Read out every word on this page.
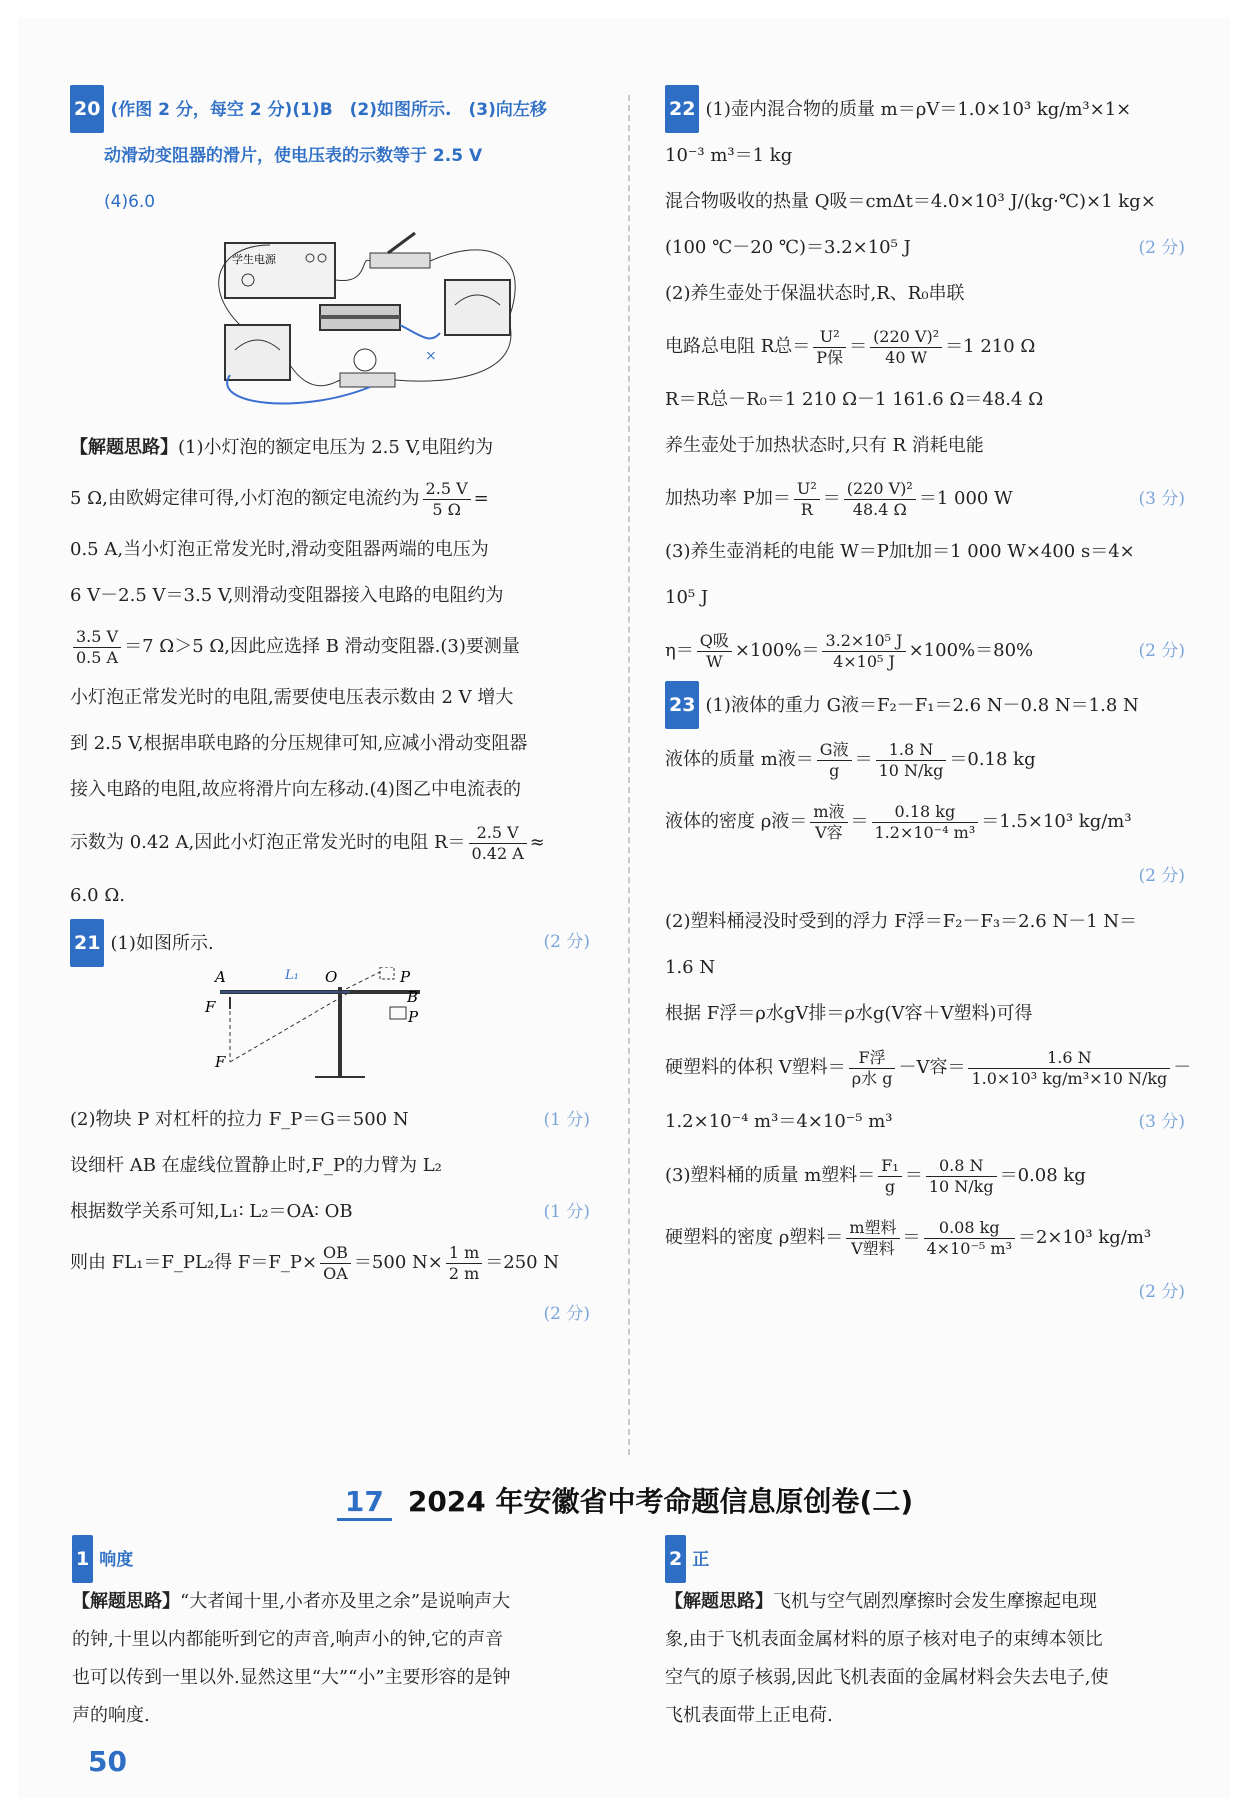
20 (作图 2 分，每空 2 分)(1)B　(2)如图所示.　(3)向左移
动滑动变阻器的滑片，使电压表的示数等于 2.5 V
(4)6.0
学生电源
×
【解题思路】(1)小灯泡的额定电压为 2.5 V,电阻约为
5 Ω,由欧姆定律可得,小灯泡的额定电流约为 $\frac{2.5 V}{5 \Omega}$ =
0.5 A,当小灯泡正常发光时,滑动变阻器两端的电压为
6 V－2.5 V＝3.5 V,则滑动变阻器接入电路的电阻约为
$\frac{3.5 V}{0.5 A} =7$ Ω＞5 Ω,因此应选择 B 滑动变阻器.(3)要测量
小灯泡正常发光时的电阻,需要使电压表示数由 2 V 增大
到 2.5 V,根据串联电路的分压规律可知,应减小滑动变阻器
接入电路的电阻,故应将滑片向左移动.(4)图乙中电流表的
示数为 0.42 A,因此小灯泡正常发光时的电阻 $R= \frac{2.5 V}{0.42 A}$ ≈
6.0 Ω.
21 (1)如图所示.	(2 分)
A	O
L₁	P
B
P
F
F
(2)物块 P 对杠杆的拉力 F_P＝G＝500 N	(1 分)
设细杆 AB 在虚线位置静止时,F_P的力臂为 L₂
根据数学关系可知,L₁∶ L₂＝OA∶ OB	(1 分)
则由 FL₁＝F_PL₂得 F＝F_P× $\frac{OB}{OA} =500$ $N\times \frac{1 m}{2 m} =250$ N
(2 分)

22 (1)壶内混合物的质量 m＝ρV＝1.0×10³ kg/m³×1×
10⁻³ m³＝1 kg
混合物吸收的热量 Q吸＝cmΔt＝4.0×10³ J/(kg·℃)×1 kg×
(100 ℃－20 ℃)＝3.2×10⁵ J	(2 分)
(2)养生壶处于保温状态时,R、R₀串联
电路总电阻 R总＝ $\frac{\text{U²}}{\text{P保}} = \frac{\text{(220 V)²}}{40 W} =1$ 210 Ω
R＝R总－R₀＝1 210 Ω－1 161.6 Ω＝48.4 Ω
养生壶处于加热状态时,只有 R 消耗电能
加热功率 P加＝ $\frac{\text{U²}}{R} = \frac{\text{(220 V)²}}{48.4 \Omega} =1$ 000 W	(3 分)
(3)养生壶消耗的电能 W＝P加t加＝1 000 W×400 s＝4×
10⁵ J
$\eta= \frac{\text{Q吸}}{W} \times 100\%= \frac{\text{3.2×10⁵ J}}{\text{4×10⁵ J}} \times 100\%=80\%$	(2 分)
23 (1)液体的重力 G液＝F₂－F₁＝2.6 N－0.8 N＝1.8 N
液体的质量 m液＝ $\frac{\text{G液}}{g} = \frac{1.8 N}{10 N/kg} =0.18$ kg
液体的密度 ρ液＝ $\frac{\text{m液}}{\text{V容}} = \frac{0.18 kg}{\text{1.2×10⁻⁴ m³}} =1.5\times 10^3$ kg/m³
(2 分)

(2)塑料桶浸没时受到的浮力 F浮＝F₂－F₃＝2.6 N－1 N＝
1.6 N
根据 F浮＝ρ水gV排＝ρ水g(V容＋V塑料)可得
硬塑料的体积 V塑料＝ $\frac{\text{F浮}}{\text{ρ水 g}} -V$容＝ $\frac{1.6 N}{\text{1.0×10³ kg/m³×10 N/kg}}$ －
1.2×10⁻⁴ m³＝4×10⁻⁵ m³	(3 分)
(3)塑料桶的质量 m塑料＝ $\frac{\text{F₁}}{g} = \frac{0.8 N}{10 N/kg} =0.08$ kg
硬塑料的密度 ρ塑料＝ $\frac{\text{m塑料}}{\text{V塑料}} = \frac{0.08 kg}{\text{4×10⁻⁵ m³}} =2\times 10^3$ kg/m³
(2 分)

17 2024 年安徽省中考命题信息原创卷(二)
1 响度
【解题思路】“大者闻十里,小者亦及里之余”是说响声大
的钟,十里以内都能听到它的声音,响声小的钟,它的声音
也可以传到一里以外.显然这里“大”“小”主要形容的是钟
声的响度.
2 正
【解题思路】飞机与空气剧烈摩擦时会发生摩擦起电现
象,由于飞机表面金属材料的原子核对电子的束缚本领比
空气的原子核弱,因此飞机表面的金属材料会失去电子,使
飞机表面带上正电荷.
50
